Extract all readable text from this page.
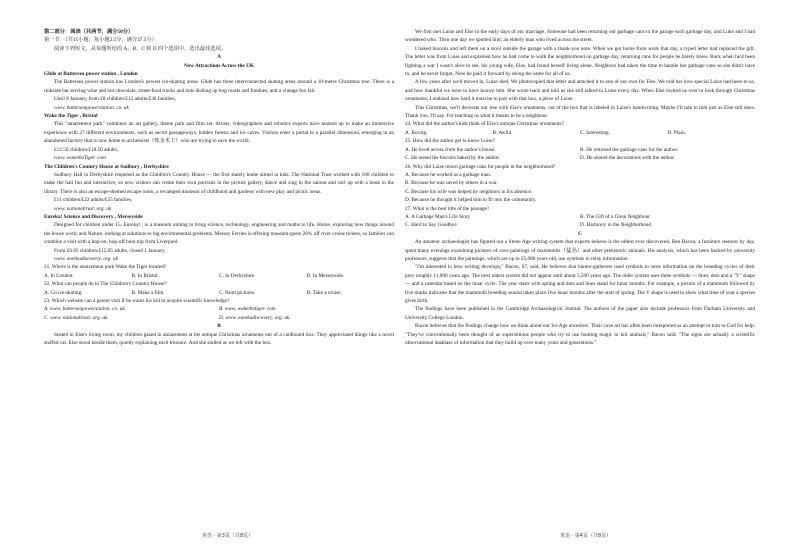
第二部分　阅读（共两节，满分50分）

第一节　（共15小题；每小题2.5分，满分37.5分）

阅读下列短文，从每题所给的 A、B、C 和 D 四个选项中，选出最佳选项。

A

New Attractions Across the UK

Glide at Battersea power station , London

The Battersea power station has London's newest ice-skating areas. Glide has three interconnected skating areas around a 10-metre Christmas tree. There is a rinkside bar serving wine and hot chocolate; street-food trucks and huts dishing up hog roasts and fondues; and a vintage fun fair.

Until 8 January, from £8 children/£12 adults/£36 families,

www. batterseapowerstation. co. uk

Wake the Tiger , Bristol

This "amazement park" combines an art gallery, theme park and film set. Artists, videographers and robotics experts have teamed up to make an immersive experience with 27 different environments, such as secret passageways, hidden forests and ice caves. Visitors enter a portal to a parallel dimension, emerging in an abandoned factory that is now home to alchemists（炼金术士）who are trying to save the world.

£12.50 children/£18.50 adults,

www. waketheTiger. com

The Children's Country House at Sudbury , Derbyshire

Sudbury Hall in Derbyshire reopened as the Children's Country House — the first stately home aimed at kids. The National Trust worked with 100 children to make the hall fun and interactive, so now visitors can create their own portraits in the picture gallery, dance and sing in the saloon and curl up with a book in the library. There is also an escape-themed escape room, a revamped museum of childhood and gardens with new play and picnic areas.

£11 children/£22 adults/£55 families,

www. nationaltrust. org. uk

Eureka! Science and Discovery , Merseyside

Designed for children under 15, Eureka! , is a museum aiming to bring science, technology, engineering and maths to life. Home, exploring how things around the house work; and Nature, looking at solutions to big environmental problems. Mersey Ferries is offering museum-goers 20% off river cruise tickets, so families can combine a visit with a hop-on, hop-off boat trip from Liverpool.

From £6.95 children/£15.95 adults, closed 1 January,

www. eurekadiscovery. org. uk

21. Where is the amazement park Wake the Tiger located?

A. In London.	B. In Bristol.	C. In Derbyshire.	D. In Merseyside.

22. What can people do in The Children's Country House?

A. Go ice-skating.	B. Make a film.	C. Paint pictures.	D. Take a cruise.

23. Which website can a parent visit if he wants his kid to acquire scientific knowledge?

A. www. batterseapowerstation. co. uk.	B. www. wakethetiger. com.
C. www. nationaltrust. org. uk.	D. www. eurekadiscovery. org. uk.

B

Seated in Else's living room, my children gazed in amazement at the antique Christmas ornaments out of a cardboard box. They appreciated things like a novel stuffed cat. Else stood beside them, quietly explaining each treasure. And she smiled as we left with the box.

We first met Luise and Else in the early days of our marriage. Someone had been returning our garbage cans to the garage each garbage day, and Luke and I had wondered who. Then one day we spotted him; an elderly man who lived across the street.

I baked biscuits and left them on a stool outside the garage with a thank-you note. When we got home from work that day, a typed letter had replaced the gift. The letter was from Luise and explained how he had come to walk the neighborhood on garbage day, returning cans for people he barely knew. Back when he'd been fighting a war I wasn't alive to see, his young wife, Else, had found herself living alone. Neighbors had taken the time to handle her garbage cans so she didn't have to, and he never forgot. Now he paid it forward by doing the same for all of us.

A few years after we'd moved in, Luise died. We photocopied that letter and attached it to one of our own for Else. We told her how special Luise had been to us, and how thankful we were to have known him. She wrote back and told us she still talked to Luise every day. When Else invited us over to look through Christmas ornaments, I realized how hard it must be to part with that box, a piece of Luise.

This Christmas, we'll decorate our tree with Else's ornaments, out of the box that is labeled in Luise's handwriting. Maybe I'll talk to him just as Else still does. Thank you, I'll say. For teaching us what it means to be a neighbour.

24. What did the author's kids think of Else's antique Christmas ornaments?

A. Boring.	B. Awful.	C. Interesting.	D. Plain.

25. How did the author get to know Luise?

A. He lived across from the author's house.	B. He returned the garbage cans for the author.
C. He tasted the biscuits baked by the author.	D. He shared the decorations with the author.

26. Why did Luise return garbage cans for people in the neighborhood?

A. Because he worked as a garbage man.

B. Because he was saved by others in a war.

C. Because his wife was helped by neighbors in his absence.

D. Because he thought it helped him to fit into the community.

27. What is the best title of the passage?

A. A Garbage Man's Life Story	B. The Gift of a Great Neighbour
C. Hard to Say Goodbye	D. Harmony in the Neighborhood

C

An amateur archaeologist has figured out a Stone Age writing system that experts believe is the oldest ever discovered. Ben Bacon, a furniture restorer by day, spent many evenings examining pictures of cave paintings of mammoths（猛犸）and other prehistoric animals. His analysis, which has been backed by university professors, suggests that the paintings, which are up to 25,000 years old, use symbols to relay information.

"I'm interested in how writing develops," Bacon, 67, said. He believes that hunter-gatherers used symbols to store information on the breeding cycles of their prey roughly 11,000 years ago. The next oldest system did not appear until about 5,500 years ago. The older system uses three symbols — lines, dots and a "Y" shape — and a calendar based on the lunar cycle. The year starts with spring and dots and lines stand for lunar months. For example, a picture of a mammoth followed by five marks indicates that the mammoth breeding season takes place five lunar months after the start of spring. The Y shape is used to show what time of year a species gives birth.

The findings have been published in the Cambridge Archaeological Journal. The authors of the paper also include professors from Durham University and University College London.

Bacon believes that the findings change how we think about our Ice Age ancestors. Their cave art has often been interpreted as an attempt to turn to God for help. "They've conventionally been thought of as superstitious people who try to use hunting magic to kill animals," Bacon said. "The signs are actually a scientific observational database of information that they build up over many years and generations."

英语 · 第3页（共8页）	英语 · 第4页（共8页）
